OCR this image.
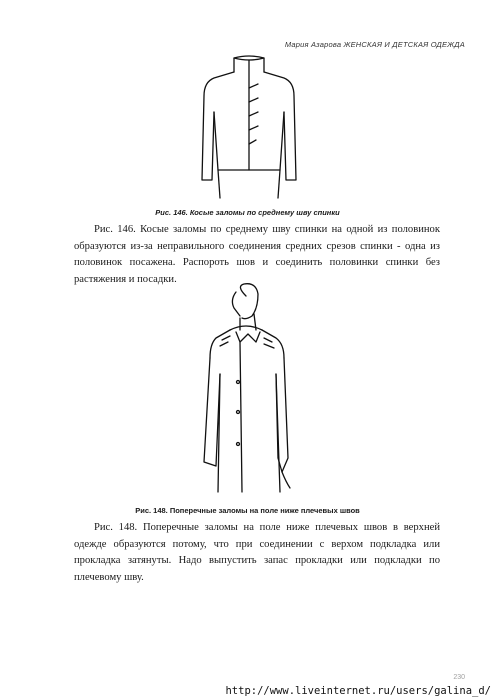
Мария Азарова ЖЕНСКАЯ И ДЕТСКАЯ ОДЕЖДА
Рис. 146. Косые заломы по среднему шву спинки

Рис. 146. Косые заломы по среднему шву спинки на одной из половинок образуются из-за неправильного соединения средних срезов спинки - одна из половинок посажена. Распороть шов и соединить половинки спинки без растяжения и посадки.

Рис. 148. Поперечные заломы на поле ниже плечевых швов

Рис. 148. Поперечные заломы на поле ниже плечевых швов в верхней одежде образуются потому, что при соединении с верхом подкладка или прокладка затянуты. Надо выпустить запас прокладки или подкладки по плечевому шву.

230
http://www.liveinternet.ru/users/galina_d/
